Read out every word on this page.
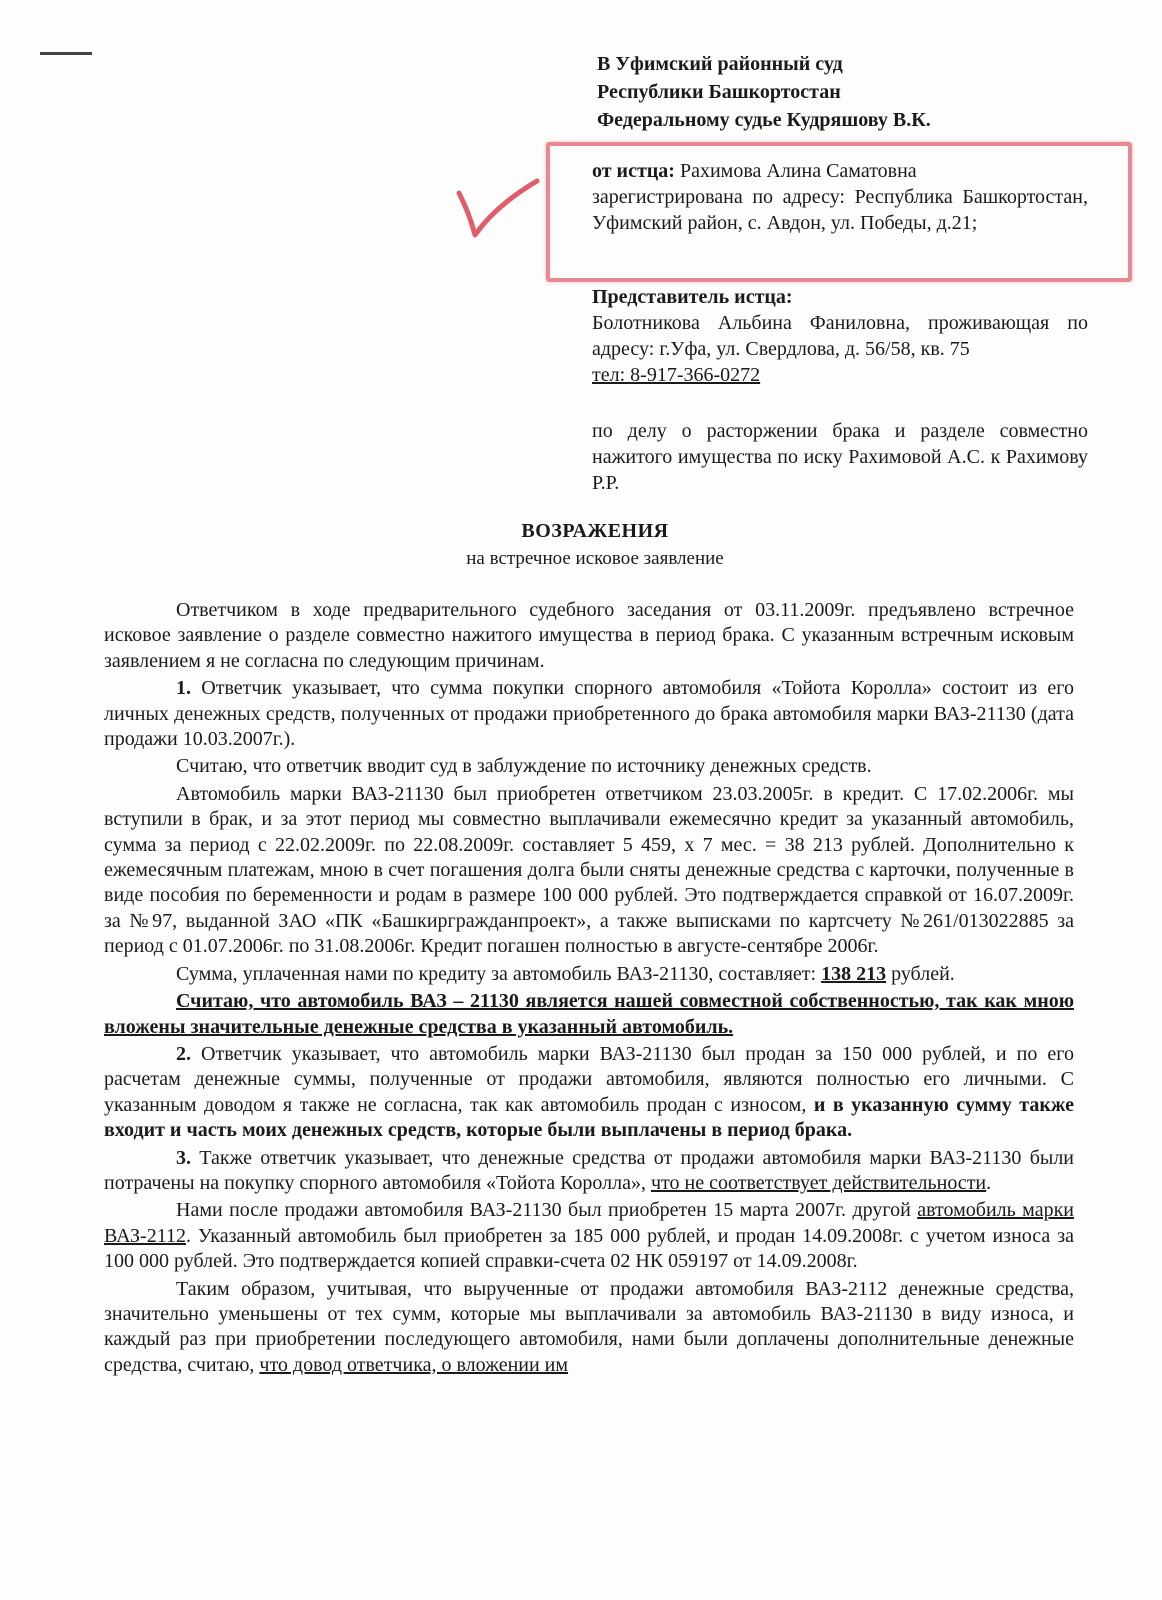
В Уфимский районный суд
Республики Башкортостан
Федеральному судье Кудряшову В.К.
от истца: Рахимова Алина Саматовна
зарегистрирована по адресу: Республика Башкортостан, Уфимский район, с. Авдон, ул. Победы, д.21;
Представитель истца:
Болотникова Альбина Фаниловна, проживающая по адресу: г.Уфа, ул. Свердлова, д. 56/58, кв. 75
тел: 8-917-366-0272
по делу о расторжении брака и разделе совместно нажитого имущества по иску Рахимовой А.С. к Рахимову Р.Р.
ВОЗРАЖЕНИЯ
на встречное исковое заявление

Ответчиком в ходе предварительного судебного заседания от 03.11.2009г. предъявлено встречное исковое заявление о разделе совместно нажитого имущества в период брака. С указанным встречным исковым заявлением я не согласна по следующим причинам.

1. Ответчик указывает, что сумма покупки спорного автомобиля «Тойота Королла» состоит из его личных денежных средств, полученных от продажи приобретенного до брака автомобиля марки ВАЗ-21130 (дата продажи 10.03.2007г.).

Считаю, что ответчик вводит суд в заблуждение по источнику денежных средств.

Автомобиль марки ВАЗ-21130 был приобретен ответчиком 23.03.2005г. в кредит. С 17.02.2006г. мы вступили в брак, и за этот период мы совместно выплачивали ежемесячно кредит за указанный автомобиль, сумма за период с 22.02.2009г. по 22.08.2009г. составляет 5 459, х 7 мес. = 38 213 рублей. Дополнительно к ежемесячным платежам, мною в счет погашения долга были сняты денежные средства с карточки, полученные в виде пособия по беременности и родам в размере 100 000 рублей. Это подтверждается справкой от 16.07.2009г. за №97, выданной ЗАО «ПК «Башкиргражданпроект», а также выписками по картсчету №261/013022885 за период с 01.07.2006г. по 31.08.2006г. Кредит погашен полностью в августе-сентябре 2006г.

Сумма, уплаченная нами по кредиту за автомобиль ВАЗ-21130, составляет: 138 213 рублей.

Считаю, что автомобиль ВАЗ – 21130 является нашей совместной собственностью, так как мною вложены значительные денежные средства в указанный автомобиль.

2. Ответчик указывает, что автомобиль марки ВАЗ-21130 был продан за 150 000 рублей, и по его расчетам денежные суммы, полученные от продажи автомобиля, являются полностью его личными. С указанным доводом я также не согласна, так как автомобиль продан с износом, и в указанную сумму также входит и часть моих денежных средств, которые были выплачены в период брака.

3. Также ответчик указывает, что денежные средства от продажи автомобиля марки ВАЗ-21130 были потрачены на покупку спорного автомобиля «Тойота Королла», что не соответствует действительности.

Нами после продажи автомобиля ВАЗ-21130 был приобретен 15 марта 2007г. другой автомобиль марки ВАЗ-2112. Указанный автомобиль был приобретен за 185 000 рублей, и продан 14.09.2008г. с учетом износа за 100 000 рублей. Это подтверждается копией справки-счета 02 НК 059197 от 14.09.2008г.

Таким образом, учитывая, что вырученные от продажи автомобиля ВАЗ-2112 денежные средства, значительно уменьшены от тех сумм, которые мы выплачивали за автомобиль ВАЗ-21130 в виду износа, и каждый раз при приобретении последующего автомобиля, нами были доплачены дополнительные денежные средства, считаю, что довод ответчика, о вложении им
